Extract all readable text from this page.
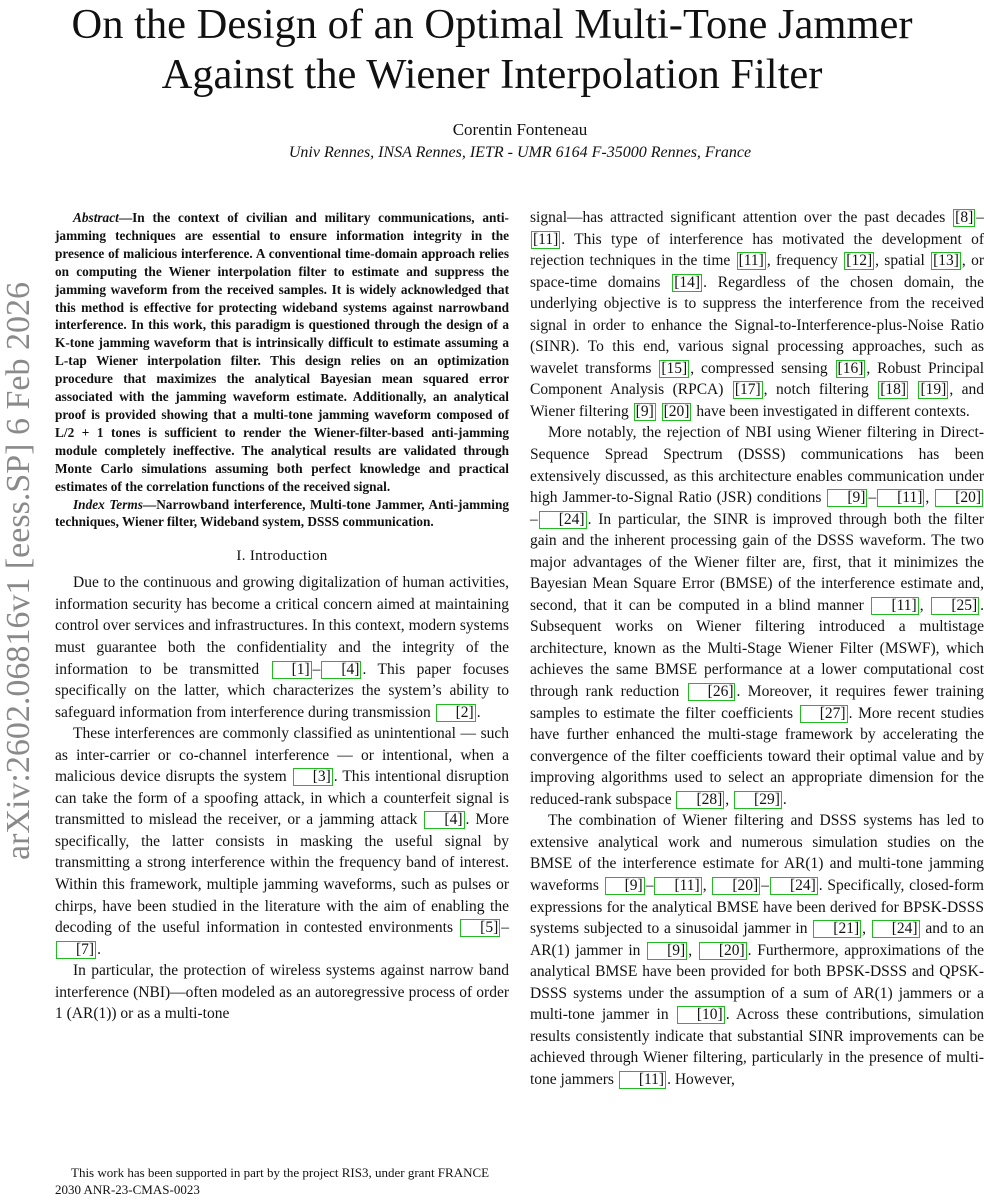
On the Design of an Optimal Multi-Tone Jammer Against the Wiener Interpolation Filter
Corentin Fonteneau
Univ Rennes, INSA Rennes, IETR - UMR 6164 F-35000 Rennes, France
arXiv:2602.06816v1 [eess.SP] 6 Feb 2026

Abstract—In the context of civilian and military communications, anti-jamming techniques are essential to ensure information integrity in the presence of malicious interference. A conventional time-domain approach relies on computing the Wiener interpolation filter to estimate and suppress the jamming waveform from the received samples. It is widely acknowledged that this method is effective for protecting wideband systems against narrowband interference. In this work, this paradigm is questioned through the design of a K-tone jamming waveform that is intrinsically difficult to estimate assuming a L-tap Wiener interpolation filter. This design relies on an optimization procedure that maximizes the analytical Bayesian mean squared error associated with the jamming waveform estimate. Additionally, an analytical proof is provided showing that a multi-tone jamming waveform composed of L/2 + 1 tones is sufficient to render the Wiener-filter-based anti-jamming module completely ineffective. The analytical results are validated through Monte Carlo simulations assuming both perfect knowledge and practical estimates of the correlation functions of the received signal.

Index Terms—Narrowband interference, Multi-tone Jammer, Anti-jamming techniques, Wiener filter, Wideband system, DSSS communication.

I. Introduction

Due to the continuous and growing digitalization of human activities, information security has become a critical concern aimed at maintaining control over services and infrastructures. In this context, modern systems must guarantee both the confidentiality and the integrity of the information to be transmitted [1] – [4] . This paper focuses specifically on the latter, which characterizes the system’s ability to safeguard information from interference during transmission [2] .

These interferences are commonly classified as unintentional — such as inter-carrier or co-channel interference — or intentional, when a malicious device disrupts the system [3] . This intentional disruption can take the form of a spoofing attack, in which a counterfeit signal is transmitted to mislead the receiver, or a jamming attack [4] . More specifically, the latter consists in masking the useful signal by transmitting a strong interference within the frequency band of interest. Within this framework, multiple jamming waveforms, such as pulses or chirps, have been studied in the literature with the aim of enabling the decoding of the useful information in contested environments [5] –[7] .

In particular, the protection of wireless systems against narrow band interference (NBI)—often modeled as an autoregressive process of order 1 (AR(1)) or as a multi-tone

signal—has attracted significant attention over the past decades [8] –[11] . This type of interference has motivated the development of rejection techniques in the time [11] , frequency [12] , spatial [13] , or space-time domains [14] . Regardless of the chosen domain, the underlying objective is to suppress the interference from the received signal in order to enhance the Signal-to-Interference-plus-Noise Ratio (SINR). To this end, various signal processing approaches, such as wavelet transforms [15] , compressed sensing [16] , Robust Principal Component Analysis (RPCA) [17] , notch filtering [18] [19] , and Wiener filtering [9] [20] have been investigated in different contexts.

More notably, the rejection of NBI using Wiener filtering in Direct-Sequence Spread Spectrum (DSSS) communications has been extensively discussed, as this architecture enables communication under high Jammer-to-Signal Ratio (JSR) conditions [9] – [11] , [20]– [24] . In particular, the SINR is improved through both the filter gain and the inherent processing gain of the DSSS waveform. The two major advantages of the Wiener filter are, first, that it minimizes the Bayesian Mean Square Error (BMSE) of the interference estimate and, second, that it can be computed in a blind manner [11] , [25] . Subsequent works on Wiener filtering introduced a multistage architecture, known as the Multi-Stage Wiener Filter (MSWF), which achieves the same BMSE performance at a lower computational cost through rank reduction [26] . Moreover, it requires fewer training samples to estimate the filter coefficients [27] . More recent studies have further enhanced the multi-stage framework by accelerating the convergence of the filter coefficients toward their optimal value and by improving algorithms used to select an appropriate dimension for the reduced-rank subspace [28] , [29] .

The combination of Wiener filtering and DSSS systems has led to extensive analytical work and numerous simulation studies on the BMSE of the interference estimate for AR(1) and multi-tone jamming waveforms [9] – [11] , [20] – [24] . Specifically, closed-form expressions for the analytical BMSE have been derived for BPSK-DSSS systems subjected to a sinusoidal jammer in [21] , [24] and to an AR(1) jammer in [9] , [20] . Furthermore, approximations of the analytical BMSE have been provided for both BPSK-DSSS and QPSK-DSSS systems under the assumption of a sum of AR(1) jammers or a multi-tone jammer in [10] . Across these contributions, simulation results consistently indicate that substantial SINR improvements can be achieved through Wiener filtering, particularly in the presence of multi-tone jammers [11] . However,

This work has been supported in part by the project RIS3, under grant FRANCE 2030 ANR-23-CMAS-0023
